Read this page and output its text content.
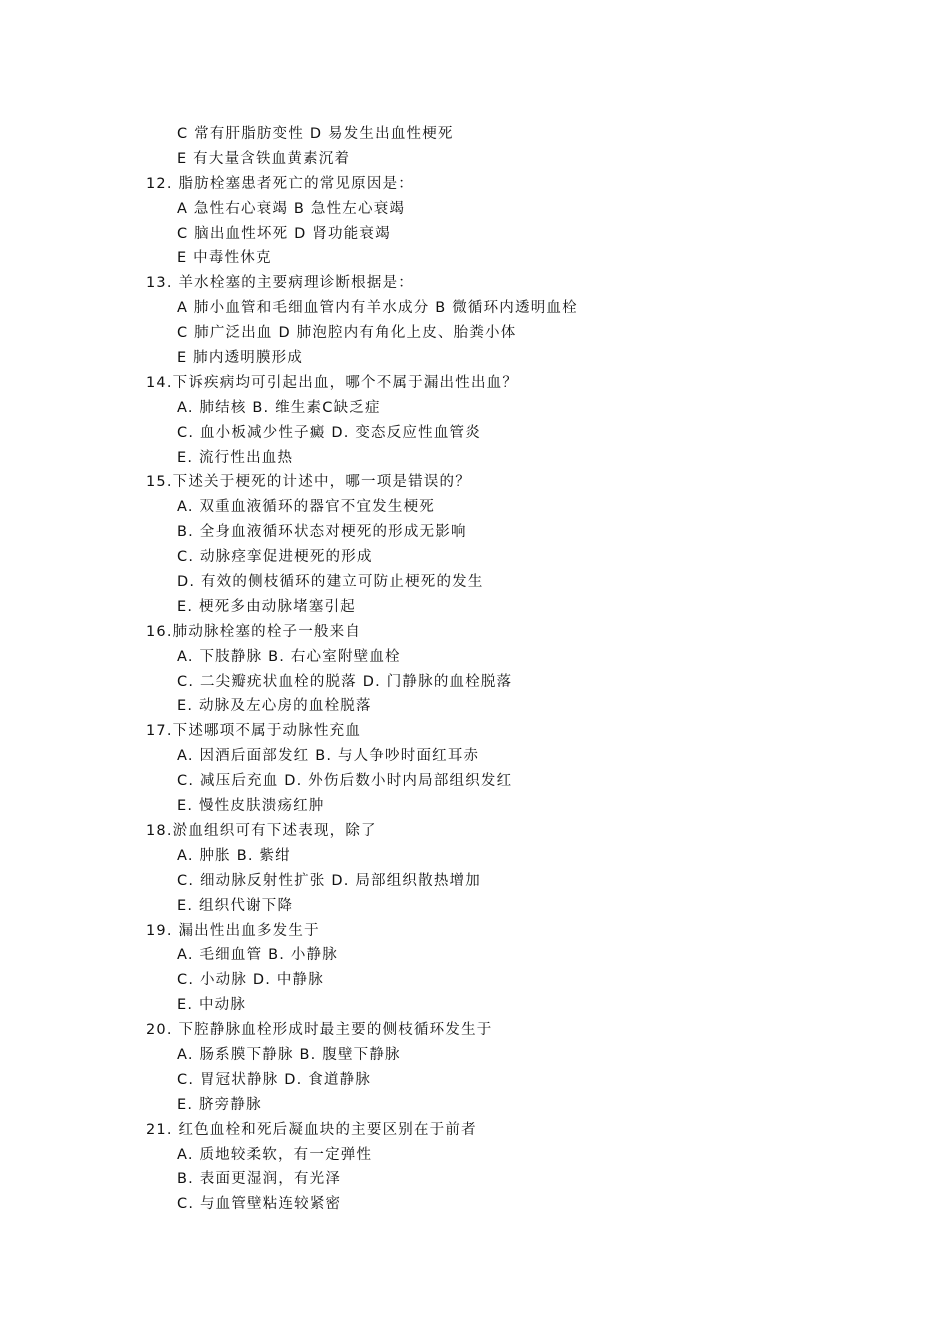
C 常有肝脂肪变性 D 易发生出血性梗死
E 有大量含铁血黄素沉着
12. 脂肪栓塞患者死亡的常见原因是：
A 急性右心衰竭 B 急性左心衰竭
C 脑出血性坏死 D 肾功能衰竭
E 中毒性休克
13. 羊水栓塞的主要病理诊断根据是：
A 肺小血管和毛细血管内有羊水成分 B 微循环内透明血栓
C 肺广泛出血 D 肺泡腔内有角化上皮、胎粪小体
E 肺内透明膜形成
14.下诉疾病均可引起出血，哪个不属于漏出性出血？
A. 肺结核 B. 维生素C缺乏症
C. 血小板减少性子癜 D. 变态反应性血管炎
E. 流行性出血热
15.下述关于梗死的计述中，哪一项是错误的？
A. 双重血液循环的器官不宜发生梗死
B. 全身血液循环状态对梗死的形成无影响
C. 动脉痉挛促进梗死的形成
D. 有效的侧枝循环的建立可防止梗死的发生
E. 梗死多由动脉堵塞引起
16.肺动脉栓塞的栓子一般来自
A. 下肢静脉 B. 右心室附壁血栓
C. 二尖瓣疣状血栓的脱落 D. 门静脉的血栓脱落
E. 动脉及左心房的血栓脱落
17.下述哪项不属于动脉性充血
A. 因酒后面部发红 B. 与人争吵时面红耳赤
C. 减压后充血 D. 外伤后数小时内局部组织发红
E. 慢性皮肤溃疡红肿
18.淤血组织可有下述表现，除了
A. 肿胀 B. 紫绀
C. 细动脉反射性扩张 D. 局部组织散热增加
E. 组织代谢下降
19. 漏出性出血多发生于
A. 毛细血管 B. 小静脉
C. 小动脉 D. 中静脉
E. 中动脉
20. 下腔静脉血栓形成时最主要的侧枝循环发生于
A. 肠系膜下静脉 B. 腹壁下静脉
C. 胃冠状静脉 D. 食道静脉
E. 脐旁静脉
21. 红色血栓和死后凝血块的主要区别在于前者
A. 质地较柔软，有一定弹性
B. 表面更湿润，有光泽
C. 与血管壁粘连较紧密
